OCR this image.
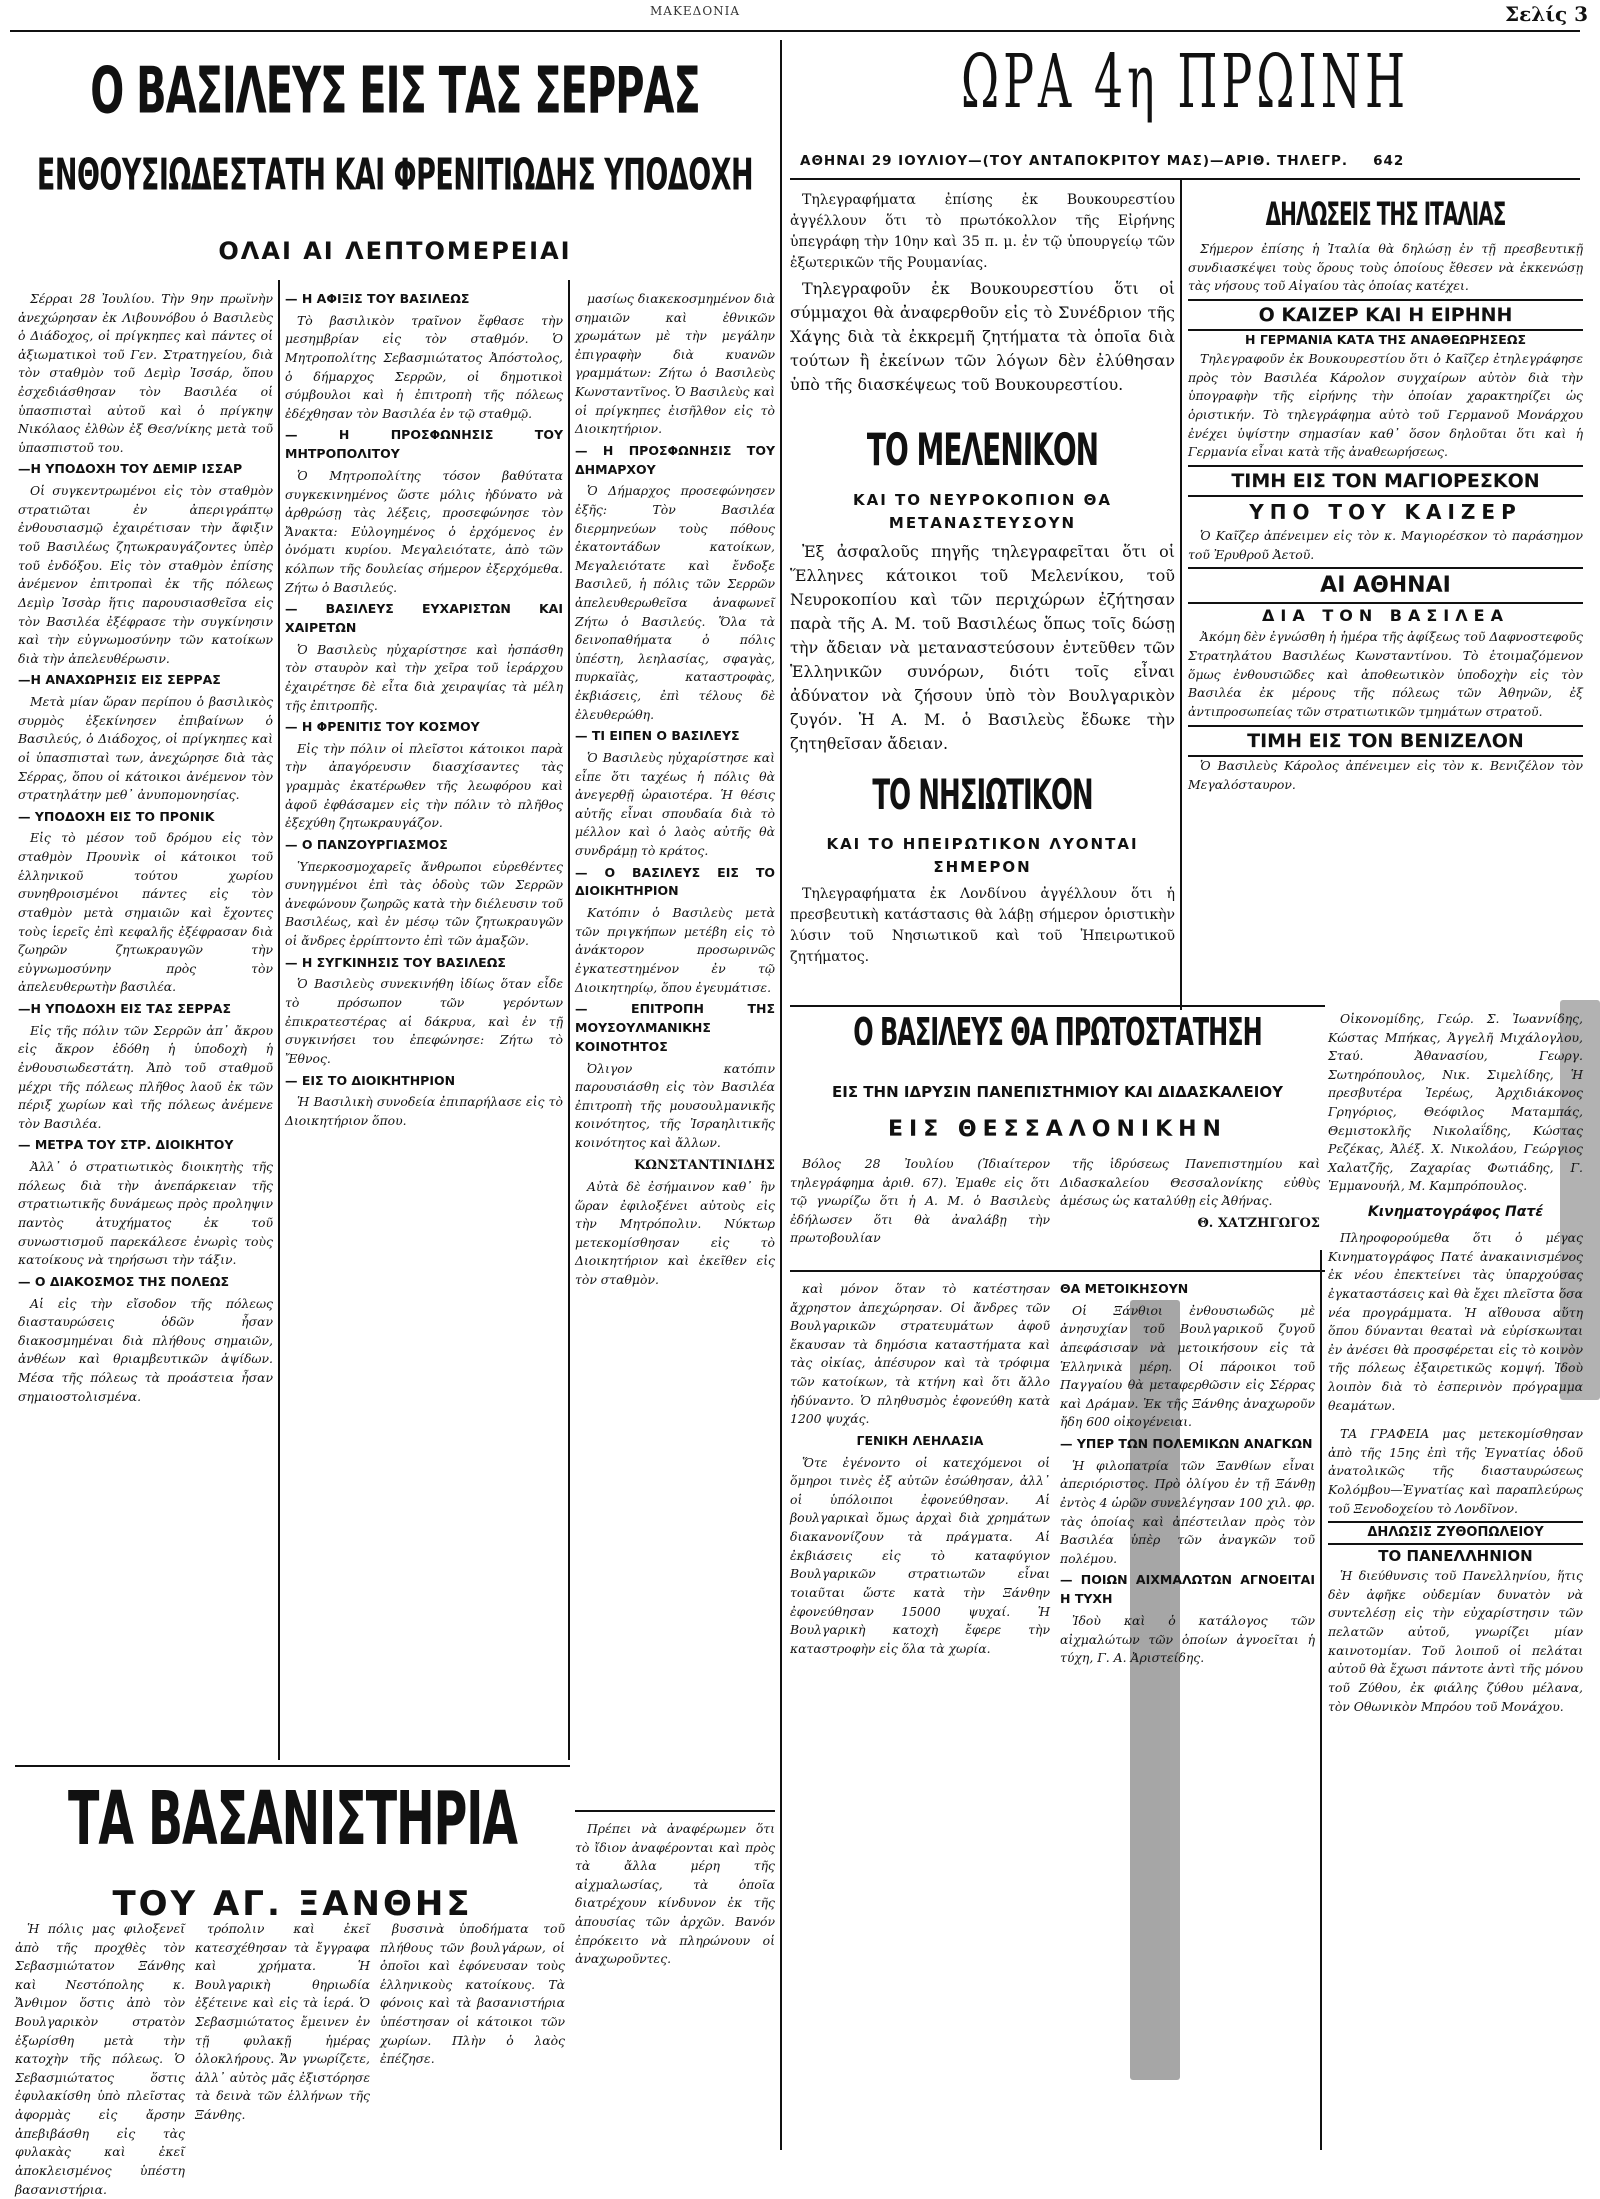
ΜΑΚΕΔΟΝΙΑ	Σελίς 3
Ο ΒΑΣΙΛΕΥΣ ΕΙΣ ΤΑΣ ΣΕΡΡΑΣ
ΕΝΘΟΥΣΙΩΔΕΣΤΑΤΗ ΚΑΙ ΦΡΕΝΙΤΙΩΔΗΣ ΥΠΟΔΟΧΗ
ΟΛΑΙ ΑΙ ΛΕΠΤΟΜΕΡΕΙΑΙ

Σέρραι 28 Ἰουλίου. Τὴν 9ην πρωϊνὴν ἀνεχώρησαν ἐκ Λιβουνόβου ὁ Βασιλεὺς ὁ Διάδοχος, οἱ πρίγκηπες καὶ πάντες οἱ ἀξιωματικοὶ τοῦ Γεν. Στρατηγείου, διὰ τὸν σταθμὸν τοῦ Δεμὶρ Ἰσσάρ, ὅπου ἐσχεδιάσθησαν τὸν Βασιλέα οἱ ὑπασπισταὶ αὐτοῦ καὶ ὁ πρίγκηψ Νικόλαος ἐλθὼν ἐξ Θεσ/νίκης μετὰ τοῦ ὑπασπιστοῦ του.

—Η ΥΠΟΔΟΧΗ ΤΟΥ ΔΕΜΙΡ ΙΣΣΑΡ

Οἱ συγκεντρωμένοι εἰς τὸν σταθμὸν στρατιῶται ἐν ἀπεριγράπτῳ ἐνθουσιασμῷ ἐχαιρέτισαν τὴν ἄφιξιν τοῦ Βασιλέως ζητωκραυγάζοντες ὑπὲρ τοῦ ἐνδόξου. Εἰς τὸν σταθμὸν ἐπίσης ἀνέμενον ἐπιτροπαὶ ἐκ τῆς πόλεως Δεμὶρ Ἰσσὰρ ἥτις παρουσιασθεῖσα εἰς τὸν Βασιλέα ἐξέφρασε τὴν συγκίνησιν καὶ τὴν εὐγνωμοσύνην τῶν κατοίκων διὰ τὴν ἀπελευθέρωσιν.

—Η ΑΝΑΧΩΡΗΣΙΣ ΕΙΣ ΣΕΡΡΑΣ

Μετὰ μίαν ὥραν περίπου ὁ βασιλικὸς συρμὸς ἐξεκίνησεν ἐπιβαίνων ὁ Βασιλεύς, ὁ Διάδοχος, οἱ πρίγκηπες καὶ οἱ ὑπασπισταὶ των, ἀνεχώρησε διὰ τὰς Σέρρας, ὅπου οἱ κάτοικοι ἀνέμενον τὸν στρατηλάτην μεθ᾽ ἀνυπομονησίας.

— ΥΠΟΔΟΧΗ ΕΙΣ ΤΟ ΠΡΟΝΙΚ

Εἰς τὸ μέσον τοῦ δρόμου εἰς τὸν σταθμὸν Προυνὶκ οἱ κάτοικοι τοῦ ἑλληνικοῦ τούτου χωρίου συνηθροισμένοι πάντες εἰς τὸν σταθμὸν μετὰ σημαιῶν καὶ ἔχοντες τοὺς ἱερεῖς ἐπὶ κεφαλῆς ἐξέφρασαν διὰ ζωηρῶν ζητωκραυγῶν τὴν εὐγνωμοσύνην πρὸς τὸν ἀπελευθερωτὴν βασιλέα.

—Η ΥΠΟΔΟΧΗ ΕΙΣ ΤΑΣ ΣΕΡΡΑΣ

Εἰς τῆς πόλιν τῶν Σερρῶν ἀπ᾽ ἄκρου εἰς ἄκρον ἐδόθη ἡ ὑποδοχὴ ἡ ἐνθουσιωδεστάτη. Ἀπὸ τοῦ σταθμοῦ μέχρι τῆς πόλεως πλῆθος λαοῦ ἐκ τῶν πέριξ χωρίων καὶ τῆς πόλεως ἀνέμενε τὸν Βασιλέα.

— ΜΕΤΡΑ ΤΟΥ ΣΤΡ. ΔΙΟΙΚΗΤΟΥ

Ἀλλ᾽ ὁ στρατιωτικὸς διοικητὴς τῆς πόλεως διὰ τὴν ἀνεπάρκειαν τῆς στρατιωτικῆς δυνάμεως πρὸς προληψιν παντὸς ἀτυχήματος ἐκ τοῦ συνωστισμοῦ παρεκάλεσε ἐνωρὶς τοὺς κατοίκους νὰ τηρήσωσι τὴν τάξιν.

— Ο ΔΙΑΚΟΣΜΟΣ ΤΗΣ ΠΟΛΕΩΣ

Αἱ εἰς τὴν εἴσοδον τῆς πόλεως διασταυρώσεις ὁδῶν ἦσαν διακοσμημέναι διὰ πλήθους σημαιῶν, ἀνθέων καὶ θριαμβευτικῶν ἁψίδων. Μέσα τῆς πόλεως τὰ προάστεια ἦσαν σημαιοστολισμένα.

— Η ΑΦΙΞΙΣ ΤΟΥ ΒΑΣΙΛΕΩΣ

Τὸ βασιλικὸν τραῖνον ἔφθασε τὴν μεσημβρίαν εἰς τὸν σταθμόν. Ὁ Μητροπολίτης Σεβασμιώτατος Ἀπόστολος, ὁ δήμαρχος Σερρῶν, οἱ δημοτικοὶ σύμβουλοι καὶ ἡ ἐπιτροπὴ τῆς πόλεως ἐδέχθησαν τὸν Βασιλέα ἐν τῷ σταθμῷ.

— Η ΠΡΟΣΦΩΝΗΣΙΣ ΤΟΥ ΜΗΤΡΟΠΟΛΙΤΟΥ

Ὁ Μητροπολίτης τόσον βαθύτατα συγκεκινημένος ὥστε μόλις ἠδύνατο νὰ ἀρθρώσῃ τὰς λέξεις, προσεφώνησε τὸν Ἄνακτα: Εὐλογημένος ὁ ἐρχόμενος ἐν ὀνόματι κυρίου. Μεγαλειότατε, ἀπὸ τῶν κόλπων τῆς δουλείας σήμερον ἐξερχόμεθα. Ζήτω ὁ Βασιλεύς.

— ΒΑΣΙΛΕΥΣ ΕΥΧΑΡΙΣΤΩΝ ΚΑΙ ΧΑΙΡΕΤΩΝ

Ὁ Βασιλεὺς ηὐχαρίστησε καὶ ἠσπάσθη τὸν σταυρὸν καὶ τὴν χεῖρα τοῦ ἱεράρχου ἐχαιρέτησε δὲ εἶτα διὰ χειραψίας τὰ μέλη τῆς ἐπιτροπῆς.

— Η ΦΡΕΝΙΤΙΣ ΤΟΥ ΚΟΣΜΟΥ

Εἰς τὴν πόλιν οἱ πλεῖστοι κάτοικοι παρὰ τὴν ἀπαγόρευσιν διασχίσαντες τὰς γραμμὰς ἐκατέρωθεν τῆς λεωφόρου καὶ ἀφοῦ ἐφθάσαμεν εἰς τὴν πόλιν τὸ πλῆθος ἐξεχύθη ζητωκραυγάζον.

— Ο ΠΑΝΖΟΥΡΓΙΑΣΜΟΣ

Ὑπερκοσμοχαρεῖς ἄνθρωποι εὑρεθέντες συνηγμένοι ἐπὶ τὰς ὁδοὺς τῶν Σερρῶν ἀνεφώνουν ζωηρῶς κατὰ τὴν διέλευσιν τοῦ Βασιλέως, καὶ ἐν μέσῳ τῶν ζητωκραυγῶν οἱ ἄνδρες ἐρρίπτοντο ἐπὶ τῶν ἀμαξῶν.

— Η ΣΥΓΚΙΝΗΣΙΣ ΤΟΥ ΒΑΣΙΛΕΩΣ

Ὁ Βασιλεὺς συνεκινήθη ἰδίως ὅταν εἶδε τὸ πρόσωπον τῶν γερόντων ἐπικρατεστέρας αἱ δάκρυα, καὶ ἐν τῇ συγκινήσει του ἐπεφώνησε: Ζήτω τὸ Ἔθνος.

— ΕΙΣ ΤΟ ΔΙΟΙΚΗΤΗΡΙΟΝ

Ἡ Βασιλικὴ συνοδεία ἐπιπαρήλασε εἰς τὸ Διοικητήριον ὅπου.

μασίως διακεκοσμημένον διὰ σημαιῶν καὶ ἐθνικῶν χρωμάτων μὲ τὴν μεγάλην ἐπιγραφὴν διὰ κυανῶν γραμμάτων: Ζήτω ὁ Βασιλεὺς Κωνσταντῖνος. Ὁ Βασιλεὺς καὶ οἱ πρίγκηπες ἐισῆλθον εἰς τὸ Διοικητήριον.

— Η ΠΡΟΣΦΩΝΗΣΙΣ ΤΟΥ ΔΗΜΑΡΧΟΥ

Ὁ Δήμαρχος προσεφώνησεν ἐξῆς: Τὸν Βασιλέα διερμηνεύων τοὺς πόθους ἐκατοντάδων κατοίκων, Μεγαλειότατε καὶ ἔνδοξε Βασιλεῦ, ἡ πόλις τῶν Σερρῶν ἀπελευθερωθεῖσα ἀναφωνεῖ Ζήτω ὁ Βασιλεύς. Ὅλα τὰ δεινοπαθήματα ὁ πόλις ὑπέστη, λεηλασίας, σφαγὰς, πυρκαϊὰς, καταστροφὰς, ἐκβιάσεις, ἐπὶ τέλους δὲ ἐλευθερώθη.

— ΤΙ ΕΙΠΕΝ Ο ΒΑΣΙΛΕΥΣ

Ὁ Βασιλεὺς ηὐχαρίστησε καὶ εἶπε ὅτι ταχέως ἡ πόλις θὰ ἀνεγερθῇ ὡραιοτέρα. Ἡ θέσις αὐτῆς εἶναι σπουδαία διὰ τὸ μέλλον καὶ ὁ λαὸς αὐτῆς θὰ συνδράμῃ τὸ κράτος.

— Ο ΒΑΣΙΛΕΥΣ ΕΙΣ ΤΟ ΔΙΟΙΚΗΤΗΡΙΟΝ

Κατόπιν ὁ Βασιλεὺς μετὰ τῶν πριγκήπων μετέβη εἰς τὸ ἀνάκτορον προσωρινῶς ἐγκατεστημένον ἐν τῷ Διοικητηρίῳ, ὅπου ἐγευμάτισε.

— ΕΠΙΤΡΟΠΗ ΤΗΣ ΜΟΥΣΟΥΛΜΑΝΙΚΗΣ ΚΟΙΝΟΤΗΤΟΣ

Ὀλιγον κατόπιν παρουσιάσθη εἰς τὸν Βασιλέα ἐπιτροπὴ τῆς μουσουλμανικῆς κοινότητος, τῆς Ἰσραηλιτικῆς κοινότητος καὶ ἄλλων.

ΚΩΝΣΤΑΝΤΙΝΙΔΗΣ

Αὐτὰ δὲ ἐσήμαινον καθ᾽ ἣν ὥραν ἐφιλοξένει αὐτοὺς εἰς τὴν Μητρόπολιν. Νύκτωρ μετεκομίσθησαν εἰς τὸ Διοικητήριον καὶ ἐκεῖθεν εἰς τὸν σταθμὸν.

Πρέπει νὰ ἀναφέρωμεν ὅτι τὸ ἴδιον ἀναφέρονται καὶ πρὸς τὰ ἄλλα μέρη τῆς αἰχμαλωσίας, τὰ ὁποῖα διατρέχουν κίνδυνον ἐκ τῆς ἀπουσίας τῶν ἀρχῶν. Βανόν ἐπρόκειτο νὰ πληρώνουν οἱ ἀναχωροῦντες.

ΤΑ ΒΑΣΑΝΙΣΤΗΡΙΑ
ΤΟΥ ΑΓ. ΞΑΝΘΗΣ

Ἡ πόλις μας φιλοξενεῖ ἀπὸ τῆς προχθὲς τὸν Σεβασμιώτατον Ξάνθης καὶ Νεστόπολης κ. Ἄνθιμον ὅστις ἀπὸ τὸν Βουλγαρικὸν στρατὸν ἐξωρίσθη μετὰ τὴν κατοχὴν τῆς πόλεως. Ὁ Σεβασμιώτατος ὅστις ἐφυλακίσθη ὑπὸ πλεῖστας ἀφορμὰς εἰς ἄρσην ἀπεβιβάσθη εἰς τὰς φυλακὰς καὶ ἐκεῖ ἀποκλεισμένος ὑπέστη βασανιστήρια.

τρόπολιν καὶ ἐκεῖ κατεσχέθησαν τὰ ἔγγραφα καὶ χρήματα. Ἡ Βουλγαρικὴ θηριωδία ἐξέτεινε καὶ εἰς τὰ ἱερά. Ὁ Σεβασμιώτατος ἔμεινεν ἐν τῇ φυλακῇ ἡμέρας ὁλοκλήρους. Ἄν γνωρίζετε, ἀλλ᾽ αὐτὸς μᾶς ἐξιστόρησε τὰ δεινὰ τῶν ἑλλήνων τῆς Ξάνθης.

βυσσινὰ ὑποδήματα τοῦ πλήθους τῶν βουλγάρων, οἱ ὁποῖοι καὶ ἐφόνευσαν τοὺς ἑλληνικοὺς κατοίκους. Τὰ φόνοις καὶ τὰ βασανιστήρια ὑπέστησαν οἱ κάτοικοι τῶν χωρίων. Πλὴν ὁ λαὸς ἐπέζησε.

ΩΡΑ 4η ΠΡΩΙΝΗ
ΑΘΗΝΑΙ 29 ΙΟΥΛΙΟΥ—(ΤΟΥ ΑΝΤΑΠΟΚΡΙΤΟΥ ΜΑΣ)—ΑΡΙΘ. ΤΗΛΕΓΡ. 642

Τηλεγραφήματα ἐπίσης ἐκ Βουκουρεστίου ἀγγέλλουν ὅτι τὸ πρωτόκολλον τῆς Εἰρήνης ὑπεγράφη τὴν 10ην καὶ 35 π. μ. ἐν τῷ ὑπουργείῳ τῶν ἐξωτερικῶν τῆς Ρουμανίας.

Τηλεγραφοῦν ἐκ Βουκουρεστίου ὅτι οἱ σύμμαχοι θὰ ἀναφερθοῦν εἰς τὸ Συνέδριον τῆς Χάγης διὰ τὰ ἐκκρεμῆ ζητήματα τὰ ὁποῖα διὰ τούτων ἢ ἐκείνων τῶν λόγων δὲν ἐλύθησαν ὑπὸ τῆς διασκέψεως τοῦ Βουκουρεστίου.

ΤΟ ΜΕΛΕΝΙΚΟΝ
ΚΑΙ ΤΟ ΝΕΥΡΟΚΟΠΙΟΝ ΘΑ ΜΕΤΑΝΑΣΤΕΥΣΟΥΝ

Ἐξ ἀσφαλοῦς πηγῆς τηλεγραφεῖται ὅτι οἱ Ἕλληνες κάτοικοι τοῦ Μελενίκου, τοῦ Νευροκοπίου καὶ τῶν περιχώρων ἐζήτησαν παρὰ τῆς Α. Μ. τοῦ Βασιλέως ὅπως τοῖς δώσῃ τὴν ἄδειαν νὰ μεταναστεύσουν ἐντεῦθεν τῶν Ἑλληνικῶν συνόρων, διότι τοῖς εἶναι ἀδύνατον νὰ ζήσουν ὑπὸ τὸν Βουλγαρικὸν ζυγόν. Ἡ Α. Μ. ὁ Βασιλεὺς ἔδωκε τὴν ζητηθεῖσαν ἄδειαν.

ΤΟ ΝΗΣΙΩΤΙΚΟΝ
ΚΑΙ ΤΟ ΗΠΕΙΡΩΤΙΚΟΝ ΛΥΟΝΤΑΙ ΣΗΜΕΡΟΝ

Τηλεγραφήματα ἐκ Λονδίνου ἀγγέλλουν ὅτι ἡ πρεσβευτικὴ κατάστασις θὰ λάβῃ σήμερον ὁριστικὴν λύσιν τοῦ Νησιωτικοῦ καὶ τοῦ Ἠπειρωτικοῦ ζητήματος.

ΔΗΛΩΣΕΙΣ ΤΗΣ ΙΤΑΛΙΑΣ

Σήμερον ἐπίσης ἡ Ἰταλία θὰ δηλώσῃ ἐν τῇ πρεσβευτικῇ συνδιασκέψει τοὺς ὅρους τοὺς ὁποίους ἔθεσεν νὰ ἐκκενώσῃ τὰς νήσους τοῦ Αἰγαίου τὰς ὁποίας κατέχει.

Ο ΚΑΙΖΕΡ ΚΑΙ Η ΕΙΡΗΝΗ
Η ΓΕΡΜΑΝΙΑ ΚΑΤΑ ΤΗΣ ΑΝΑΘΕΩΡΗΣΕΩΣ

Τηλεγραφοῦν ἐκ Βουκουρεστίου ὅτι ὁ Καῖζερ ἐτηλεγράφησε πρὸς τὸν Βασιλέα Κάρολον συγχαίρων αὐτὸν διὰ τὴν ὑπογραφὴν τῆς εἰρήνης τὴν ὁποίαν χαρακτηρίζει ὡς ὁριστικήν. Τὸ τηλεγράφημα αὐτὸ τοῦ Γερμανοῦ Μονάρχου ἐνέχει ὑψίστην σημασίαν καθ᾽ ὅσον δηλοῦται ὅτι καὶ ἡ Γερμανία εἶναι κατὰ τῆς ἀναθεωρήσεως.

ΤΙΜΗ ΕΙΣ ΤΟΝ ΜΑΓΙΟΡΕΣΚΟΝ
ΥΠΟ ΤΟΥ ΚΑΙΖΕΡ

Ὁ Καῖζερ ἀπένειμεν εἰς τὸν κ. Μαγιορέσκον τὸ παράσημον τοῦ Ἐρυθροῦ Ἀετοῦ.

ΑΙ ΑΘΗΝΑΙ
ΔΙΑ ΤΟΝ ΒΑΣΙΛΕΑ

Ἀκόμη δὲν ἐγνώσθη ἡ ἡμέρα τῆς ἀφίξεως τοῦ Δαφνοστεφοῦς Στρατηλάτου Βασιλέως Κωνσταντίνου. Τὸ ἑτοιμαζόμενον ὅμως ἐνθουσιῶδες καὶ ἀποθεωτικὸν ὑποδοχὴν εἰς τὸν Βασιλέα ἐκ μέρους τῆς πόλεως τῶν Ἀθηνῶν, ἐξ ἀντιπροσωπείας τῶν στρατιωτικῶν τμημάτων στρατοῦ.

ΤΙΜΗ ΕΙΣ ΤΟΝ ΒΕΝΙΖΕΛΟΝ

Ὁ Βασιλεὺς Κάρολος ἀπένειμεν εἰς τὸν κ. Βενιζέλον τὸν Μεγαλόσταυρον.

Ο ΒΑΣΙΛΕΥΣ ΘΑ ΠΡΩΤΟΣΤΑΤΗΣΗ
ΕΙΣ ΤΗΝ ΙΔΡΥΣΙΝ ΠΑΝΕΠΙΣΤΗΜΙΟΥ ΚΑΙ ΔΙΔΑΣΚΑΛΕΙΟΥ
ΕΙΣ ΘΕΣΣΑΛΟΝΙΚΗΝ

Βόλος 28 Ἰουλίου (Ἰδιαίτερον τηλεγράφημα ἀριθ. 67). Ἐμαθε εἰς ὅτι τῷ γνωρίζω ὅτι ἡ Α. Μ. ὁ Βασιλεὺς ἐδήλωσεν ὅτι θὰ ἀναλάβῃ τὴν πρωτοβουλίαν

τῆς ἱδρύσεως Πανεπιστημίου καὶ Διδασκαλείου Θεσσαλονίκης εὐθὺς ἀμέσως ὡς καταλύθῃ εἰς Ἀθήνας.

Θ. ΧΑΤΖΗΓΩΓΟΣ

καὶ μόνον ὅταν τὸ κατέστησαν ἄχρηστον ἀπεχώρησαν. Οἱ ἄνδρες τῶν Βουλγαρικῶν στρατευμάτων ἀφοῦ ἔκαυσαν τὰ δημόσια καταστήματα καὶ τὰς οἰκίας, ἀπέσυρον καὶ τὰ τρόφιμα τῶν κατοίκων, τὰ κτήνη καὶ ὅτι ἄλλο ἠδύναντο. Ὁ πληθυσμὸς ἐφονεύθη κατὰ 1200 ψυχάς.

ΓΕΝΙΚΗ ΛΕΗΛΑΣΙΑ

Ὅτε ἐγένοντο οἱ κατεχόμενοι οἱ ὅμηροι τινὲς ἐξ αὐτῶν ἐσώθησαν, ἀλλ᾽ οἱ ὑπόλοιποι ἐφονεύθησαν. Αἱ βουλγαρικαὶ ὅμως ἀρχαὶ διὰ χρημάτων διακανονίζουν τὰ πράγματα. Αἱ ἐκβιάσεις εἰς τὸ καταφύγιον Βουλγαρικῶν στρατιωτῶν εἶναι τοιαῦται ὥστε κατὰ τὴν Ξάνθην ἐφονεύθησαν 15000 ψυχαί. Ἡ Βουλγαρικὴ κατοχὴ ἔφερε τὴν καταστροφὴν εἰς ὅλα τὰ χωρία.

ΘΑ ΜΕΤΟΙΚΗΣΟΥΝ

Οἱ Ξάνθιοι ἐνθουσιωδῶς μὲ ἀνησυχίαν τοῦ Βουλγαρικοῦ ζυγοῦ ἀπεφάσισαν νὰ μετοικήσουν εἰς τὰ Ἑλληνικὰ μέρη. Οἱ πάροικοι τοῦ Παγγαίου θὰ μεταφερθῶσιν εἰς Σέρρας καὶ Δράμαν. Ἐκ τῆς Ξάνθης ἀναχωροῦν ἤδη 600 οἰκογένειαι.

— ΥΠΕΡ ΤΩΝ ΠΟΛΕΜΙΚΩΝ ΑΝΑΓΚΩΝ

Ἡ φιλοπατρία τῶν Ξανθίων εἶναι ἀπεριόριστος. Πρὸ ὀλίγου ἐν τῇ Ξάνθῃ ἐντὸς 4 ὡρῶν συνελέγησαν 100 χιλ. φρ. τὰς ὁποίας καὶ ἀπέστειλαν πρὸς τὸν Βασιλέα ὑπὲρ τῶν ἀναγκῶν τοῦ πολέμου.

— ΠΟΙΩΝ ΑΙΧΜΑΛΩΤΩΝ ΑΓΝΟΕΙΤΑΙ Η ΤΥΧΗ

Ἰδοὺ καὶ ὁ κατάλογος τῶν αἰχμαλώτων τῶν ὁποίων ἀγνοεῖται ἡ τύχη, Γ. Α. Ἀριστείδης.

Οἰκονομίδης, Γεώρ. Σ. Ἰωαννίδης, Κώστας Μπήκας, Ἀγγελῆ Μιχάλογλου, Σταύ. Ἀθανασίου, Γεωργ. Σωτηρόπουλος, Νικ. Σιμελίδης, Ἡ πρεσβυτέρα Ἰερέως, Ἀρχιδιάκονος Γρηγόριος, Θεόφιλος Ματαμπάς, Θεμιστοκλῆς Νικολαΐδης, Κώστας Ρεζέκας, Ἀλέξ. Χ. Νικολάου, Γεώργιος Χαλατζῆς, Ζαχαρίας Φωτιάδης, Γ. Ἐμμανουήλ, Μ. Καμπρόπουλος.

Κινηματογράφος Πατέ

Πληροφορούμεθα ὅτι ὁ μέγας Κινηματογράφος Πατέ ἀνακαινισμένος ἐκ νέου ἐπεκτείνει τὰς ὑπαρχούσας ἐγκαταστάσεις καὶ θὰ ἔχει πλεῖστα ὅσα νέα προγράμματα. Ἡ αἴθουσα αὕτη ὅπου δύνανται θεαταὶ νὰ εὑρίσκωνται ἐν ἀνέσει θὰ προσφέρεται εἰς τὸ κοινὸν τῆς πόλεως ἐξαιρετικῶς κομψή. Ἰδοὺ λοιπὸν διὰ τὸ ἑσπερινὸν πρόγραμμα θεαμάτων.

ΤΑ ΓΡΑΦΕΙΑ μας μετεκομίσθησαν ἀπὸ τῆς 15ης ἐπὶ τῆς Ἐγνατίας ὁδοῦ ἀνατολικῶς τῆς διασταυρώσεως Κολόμβου—Ἐγνατίας καὶ παραπλεύρως τοῦ Ξενοδοχείου τὸ Λονδῖνον.

ΔΗΛΩΣΙΣ ΖΥΘΟΠΩΛΕΙΟΥ
ΤΟ ΠΑΝΕΛΛΗΝΙΟΝ

Ἡ διεύθυνσις τοῦ Πανελληνίου, ἥτις δὲν ἀφῆκε οὐδεμίαν δυνατὸν νὰ συντελέσῃ εἰς τὴν εὐχαρίστησιν τῶν πελατῶν αὐτοῦ, γνωρίζει μίαν καινοτομίαν. Τοῦ λοιποῦ οἱ πελάται αὐτοῦ θὰ ἔχωσι πάντοτε ἀντὶ τῆς μόνου τοῦ Ζύθου, ἐκ φιάλης ζύθου μέλανα, τὸν Οθωνικὸν Μπρόου τοῦ Μονάχου.
